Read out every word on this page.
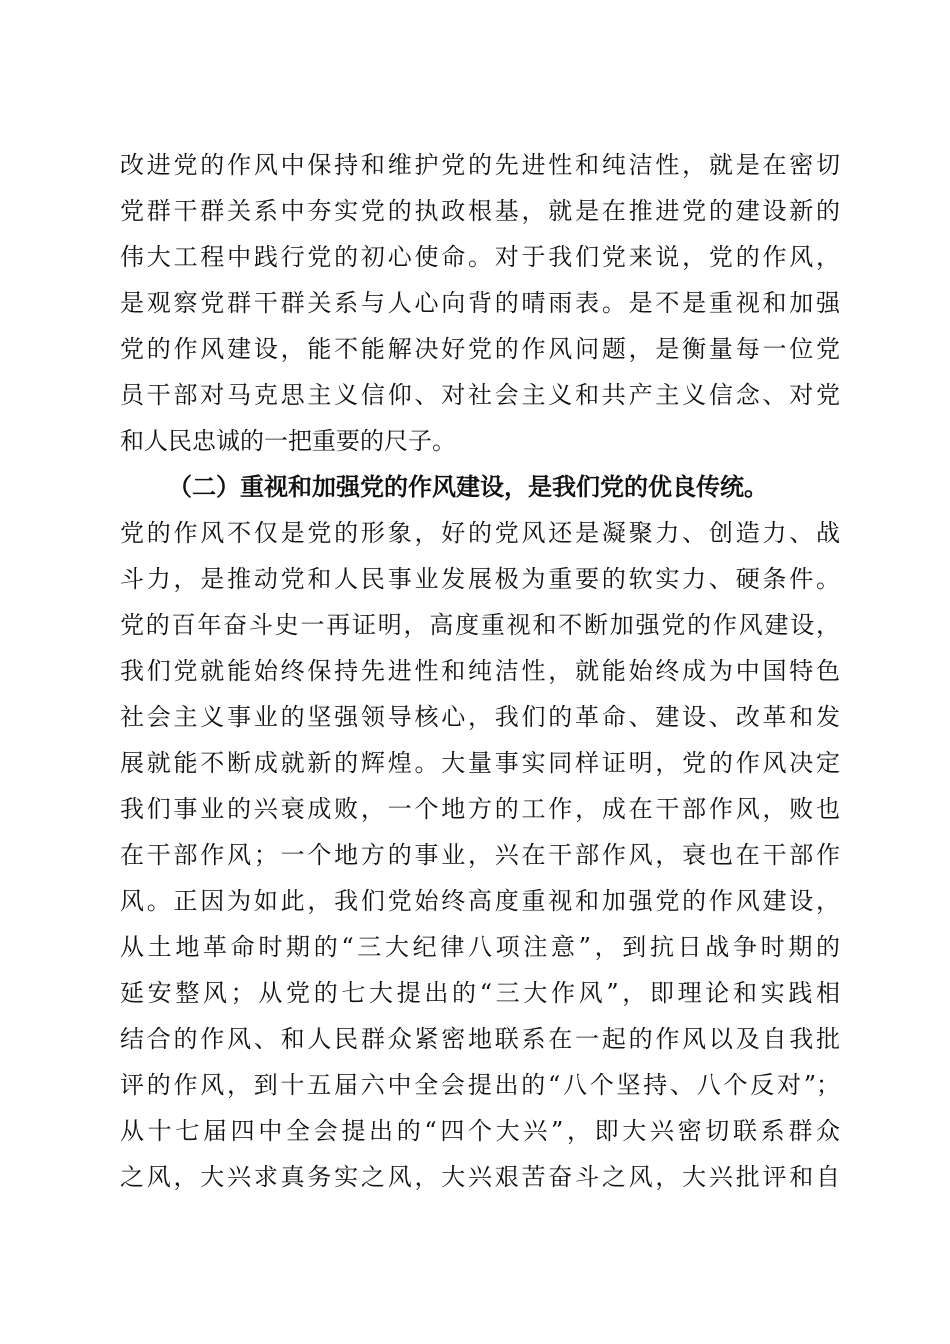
改进党的作风中保持和维护党的先进性和纯洁性，就是在密切
党群干群关系中夯实党的执政根基，就是在推进党的建设新的
伟大工程中践行党的初心使命。对于我们党来说，党的作风，
是观察党群干群关系与人心向背的晴雨表。是不是重视和加强
党的作风建设，能不能解决好党的作风问题，是衡量每一位党
员干部对马克思主义信仰、对社会主义和共产主义信念、对党
和人民忠诚的一把重要的尺子。
（二）重视和加强党的作风建设，是我们党的优良传统。
党的作风不仅是党的形象，好的党风还是凝聚力、创造力、战
斗力，是推动党和人民事业发展极为重要的软实力、硬条件。
党的百年奋斗史一再证明，高度重视和不断加强党的作风建设，
我们党就能始终保持先进性和纯洁性，就能始终成为中国特色
社会主义事业的坚强领导核心，我们的革命、建设、改革和发
展就能不断成就新的辉煌。大量事实同样证明，党的作风决定
我们事业的兴衰成败，一个地方的工作，成在干部作风，败也
在干部作风；一个地方的事业，兴在干部作风，衰也在干部作
风。正因为如此，我们党始终高度重视和加强党的作风建设，
从土地革命时期的“三大纪律八项注意”，到抗日战争时期的
延安整风；从党的七大提出的“三大作风”，即理论和实践相
结合的作风、和人民群众紧密地联系在一起的作风以及自我批
评的作风，到十五届六中全会提出的“八个坚持、八个反对”；
从十七届四中全会提出的“四个大兴”，即大兴密切联系群众
之风，大兴求真务实之风，大兴艰苦奋斗之风，大兴批评和自
